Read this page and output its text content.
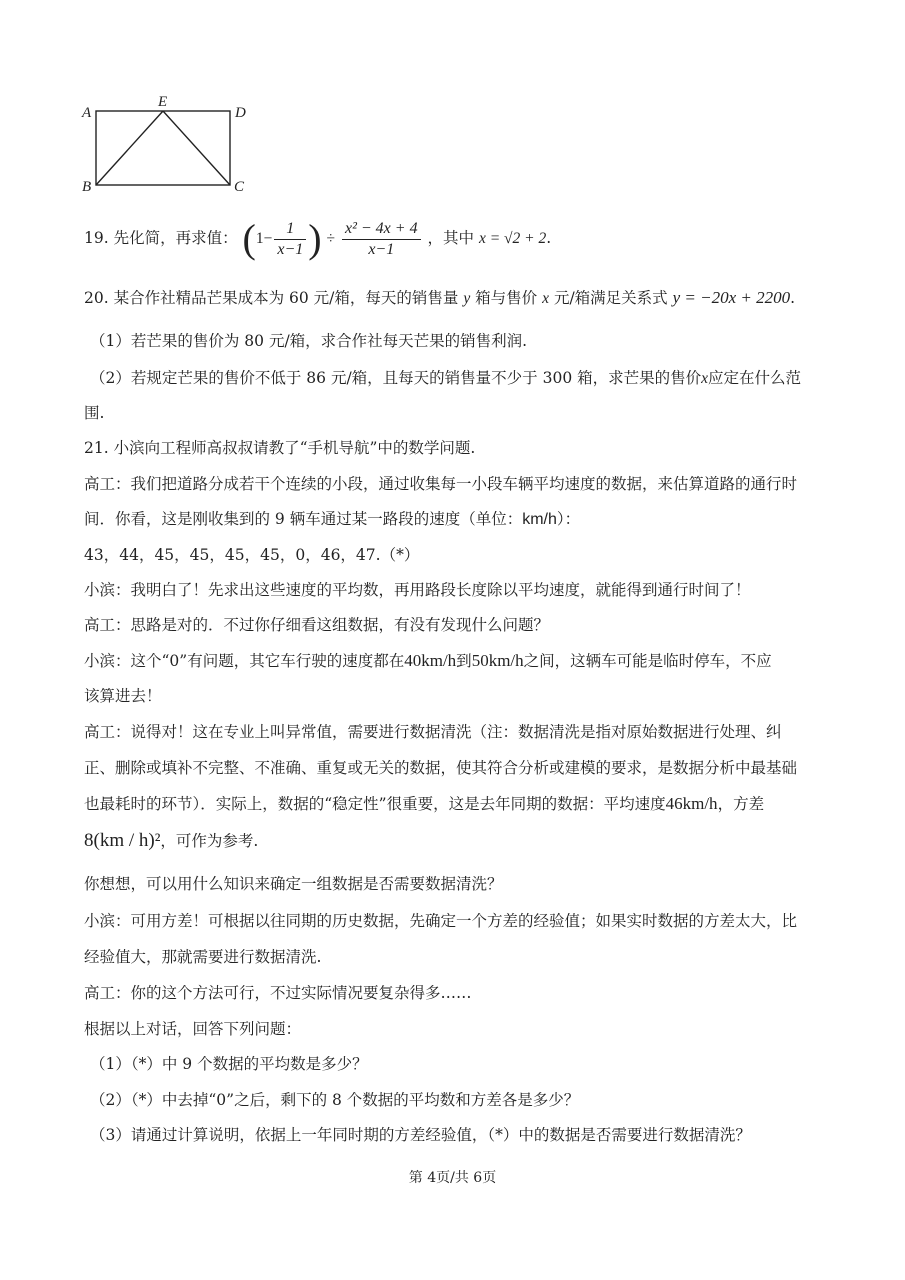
A
E
D
B	C
19. 先化简，再求值： ($1- \frac{1}{x-1}$ ) ÷ $\frac{\text{x² − 4x + 4}}{x-1}$ ，其中 x = √2 + 2.
20. 某合作社精品芒果成本为 60 元/箱，每天的销售量 y 箱与售价 x 元/箱满足关系式 y = −20x + 2200.
（1）若芒果的售价为 80 元/箱，求合作社每天芒果的销售利润.
（2）若规定芒果的售价不低于 86 元/箱，且每天的销售量不少于 300 箱，求芒果的售价x应定在什么范
围.
21. 小滨向工程师高叔叔请教了“手机导航”中的数学问题.
高工：我们把道路分成若干个连续的小段，通过收集每一小段车辆平均速度的数据，来估算道路的通行时
间．你看，这是刚收集到的 9 辆车通过某一路段的速度（单位：km/h）：
43，44，45，45，45，45，0，46，47.（*）
小滨：我明白了！先求出这些速度的平均数，再用路段长度除以平均速度，就能得到通行时间了！
高工：思路是对的．不过你仔细看这组数据，有没有发现什么问题？
小滨：这个“0”有问题，其它车行驶的速度都在40km/h到50km/h之间，这辆车可能是临时停车，不应
该算进去！
高工：说得对！这在专业上叫异常值，需要进行数据清洗（注：数据清洗是指对原始数据进行处理、纠
正、删除或填补不完整、不准确、重复或无关的数据，使其符合分析或建模的要求，是数据分析中最基础
也最耗时的环节）．实际上，数据的“稳定性”很重要，这是去年同期的数据：平均速度46km/h，方差
8(km / h)²，可作为参考.
你想想，可以用什么知识来确定一组数据是否需要数据清洗？
小滨：可用方差！可根据以往同期的历史数据，先确定一个方差的经验值；如果实时数据的方差太大，比
经验值大，那就需要进行数据清洗.
高工：你的这个方法可行，不过实际情况要复杂得多……
根据以上对话，回答下列问题：
（1）（*）中 9 个数据的平均数是多少？
（2）（*）中去掉“0”之后，剩下的 8 个数据的平均数和方差各是多少？
（3）请通过计算说明，依据上一年同时期的方差经验值，（*）中的数据是否需要进行数据清洗？
第 4页/共 6页
